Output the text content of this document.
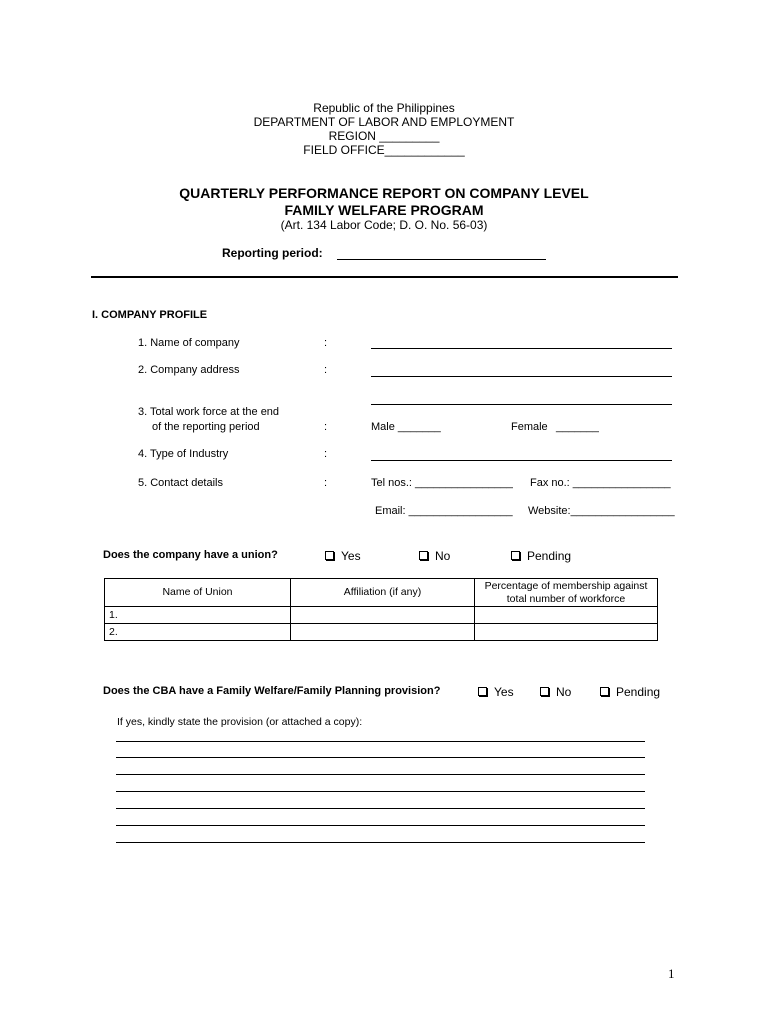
Republic of the Philippines
DEPARTMENT OF LABOR AND EMPLOYMENT
REGION _________
FIELD OFFICE____________
QUARTERLY PERFORMANCE REPORT ON COMPANY LEVEL
FAMILY WELFARE PROGRAM
(Art. 134 Labor Code; D. O. No. 56-03)
Reporting period:
I. COMPANY PROFILE
1. Name of company	:
2. Company address	:
3. Total work force at the end
of the reporting period	:	Male _______	Female _______
4. Type of Industry	:
5. Contact details	:	Tel nos.: ________________ Fax no.: ________________
Email: _________________ Website:_________________
Does the company have a union?	Yes	No	Pending
Name of Union	Affiliation (if any)	Percentage of membership against total number of workforce
1.		
2.		
Does the CBA have a Family Welfare/Family Planning provision?	Yes	No	Pending
If yes, kindly state the provision (or attached a copy):
1
